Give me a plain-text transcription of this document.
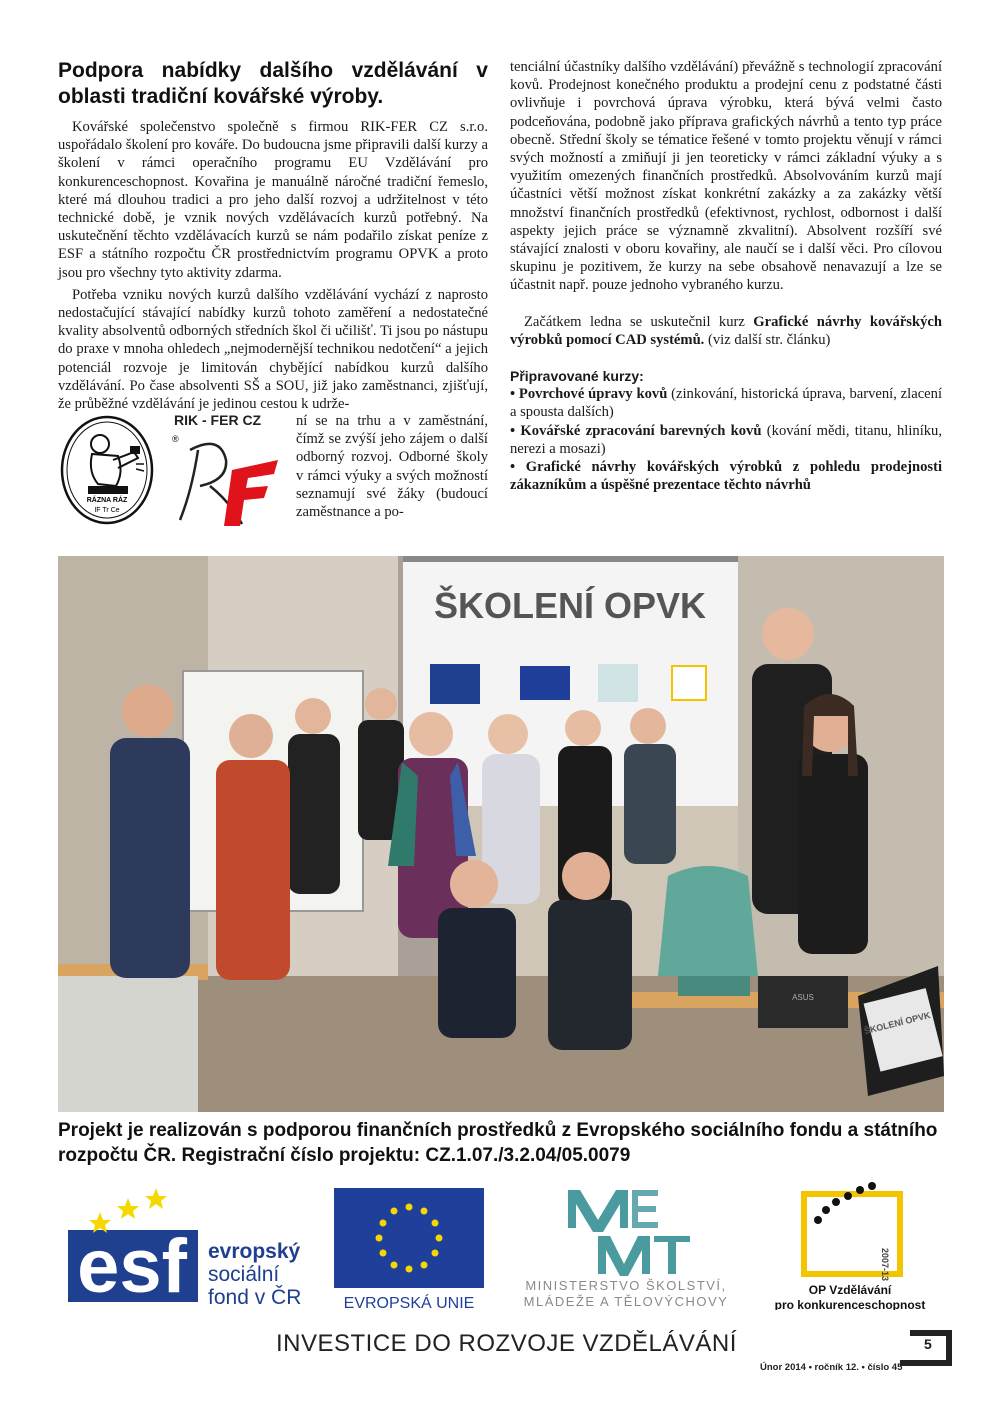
Podpora nabídky dalšího vzdělávání v oblasti tradiční kovářské výroby.

Kovářské společenstvo společně s firmou RIK-FER CZ s.r.o. uspořádalo školení pro kováře. Do budoucna jsme připravili další kurzy a školení v rámci operačního programu EU Vzdělávání pro konkurenceschopnost. Kovařina je manuálně náročné tradiční řemeslo, které má dlouhou tradici a pro jeho další rozvoj a udržitelnost v této technické době, je vznik nových vzdělávacích kurzů potřebný. Na uskutečnění těchto vzdělávacích kurzů se nám podařilo získat peníze z ESF a státního rozpočtu ČR prostřednictvím programu OPVK a proto jsou pro všechny tyto aktivity zdarma.

Potřeba vzniku nových kurzů dalšího vzdělávání vychází z naprosto nedostačující stávající nabídky kurzů tohoto zaměření a nedostatečné kvality absolventů odborných středních škol či učilišť. Ti jsou po nástupu do praxe v mnoha ohledech „nejmodernější technikou nedotčení“ a jejich potenciál rozvoje je limitován chybějící nabídkou kurzů dalšího vzdělávání. Po čase absolventi SŠ a SOU, již jako zaměstnanci, zjišťují, že průběžné vzdělávání je jedinou cestou k udrže-

RÁZNA RÁZ
IF Tr Ce
RIK - FER CZ
®
ní se na trhu a v zaměstnání, čímž se zvýší jeho zájem o další odborný rozvoj. Odborné školy v rámci výuky a svých možností seznamují své žáky (budoucí zaměstnance a po-

tenciální účastníky dalšího vzdělávání) převážně s technologií zpracování kovů. Prodejnost konečného produktu a prodejní cenu z podstatné části ovlivňuje i povrchová úprava výrobku, která bývá velmi často podceňována, podobně jako příprava grafických návrhů a tento typ práce obecně. Střední školy se tématice řešené v tomto projektu věnují v rámci svých možností a zmiňují ji jen teoreticky v rámci základní výuky a s využitím omezených finančních prostředků. Absolvováním kurzů mají účastníci větší možnost získat konkrétní zakázky a za zakázky větší množství finančních prostředků (efektivnost, rychlost, odbornost i další aspekty jejich práce se významně zkvalitní). Absolvent rozšíří své stávající znalosti v oboru kovařiny, ale naučí se i další věci. Pro cílovou skupinu je pozitivem, že kurzy na sebe obsahově nenavazují a lze se účastnit např. pouze jednoho vybraného kurzu.

Začátkem ledna se uskutečnil kurz Grafické návrhy kovářských výrobků pomocí CAD systémů. (viz další str. článku)

Připravované kurzy:

• Povrchové úpravy kovů (zinkování, historická úprava, barvení, zlacení a spousta dalších)

• Kovářské zpracování barevných kovů (kování mědi, titanu, hliníku, nerezi a mosazi)

• Grafické návrhy kovářských výrobků z pohledu prodejnosti zákazníkům a úspěšné prezentace těchto návrhů

ŠKOLENÍ OPVK
ASUS
ŠKOLENÍ OPVK
Projekt je realizován s podporou finančních prostředků z Evropského sociálního fondu a státního rozpočtu ČR. Registrační číslo projektu: CZ.1.07./3.2.04/05.0079
esf evropský
sociální
fond v ČR	EVROPSKÁ UNIE
MINISTERSTVO ŠKOLSTVÍ,
MLÁDEŽE A TĚLOVÝCHOVY
2007-13
OP Vzdělávání
pro konkurenceschopnost
INVESTICE DO ROZVOJE VZDĚLÁVÁNÍ	5
Únor 2014 • ročník 12. • číslo 45
